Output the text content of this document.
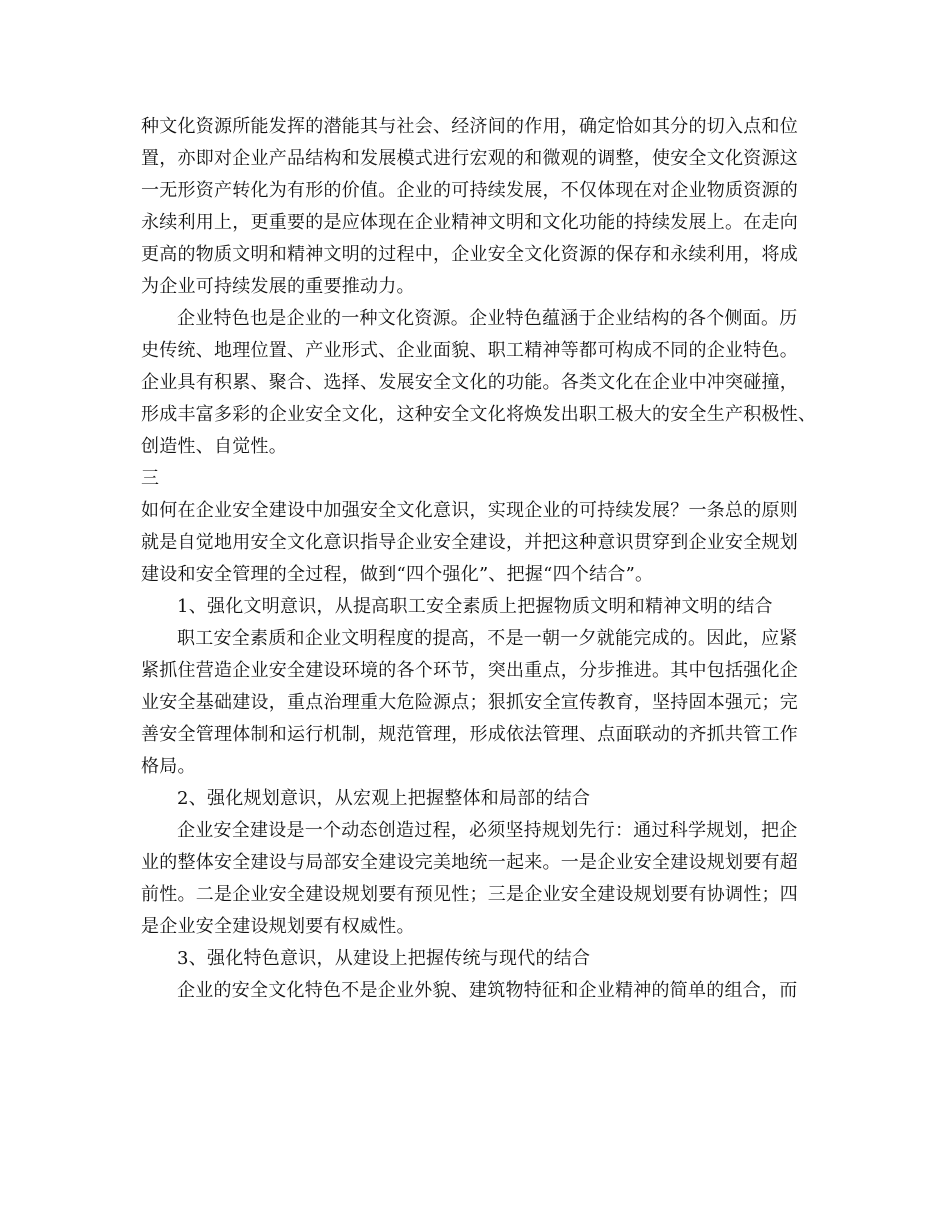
种文化资源所能发挥的潜能其与社会、经济间的作用，确定恰如其分的切入点和位
置，亦即对企业产品结构和发展模式进行宏观的和微观的调整，使安全文化资源这
一无形资产转化为有形的价值。企业的可持续发展，不仅体现在对企业物质资源的
永续利用上，更重要的是应体现在企业精神文明和文化功能的持续发展上。在走向
更高的物质文明和精神文明的过程中，企业安全文化资源的保存和永续利用，将成
为企业可持续发展的重要推动力。
企业特色也是企业的一种文化资源。企业特色蕴涵于企业结构的各个侧面。历
史传统、地理位置、产业形式、企业面貌、职工精神等都可构成不同的企业特色。
企业具有积累、聚合、选择、发展安全文化的功能。各类文化在企业中冲突碰撞，
形成丰富多彩的企业安全文化，这种安全文化将焕发出职工极大的安全生产积极性、
创造性、自觉性。
三
如何在企业安全建设中加强安全文化意识，实现企业的可持续发展？一条总的原则
就是自觉地用安全文化意识指导企业安全建设，并把这种意识贯穿到企业安全规划
建设和安全管理的全过程，做到“四个强化”、把握“四个结合”。
1、强化文明意识，从提高职工安全素质上把握物质文明和精神文明的结合
职工安全素质和企业文明程度的提高，不是一朝一夕就能完成的。因此，应紧
紧抓住营造企业安全建设环境的各个环节，突出重点，分步推进。其中包括强化企
业安全基础建设，重点治理重大危险源点；狠抓安全宣传教育，坚持固本强元；完
善安全管理体制和运行机制，规范管理，形成依法管理、点面联动的齐抓共管工作
格局。
2、强化规划意识，从宏观上把握整体和局部的结合
企业安全建设是一个动态创造过程，必须坚持规划先行：通过科学规划，把企
业的整体安全建设与局部安全建设完美地统一起来。一是企业安全建设规划要有超
前性。二是企业安全建设规划要有预见性；三是企业安全建设规划要有协调性；四
是企业安全建设规划要有权威性。
3、强化特色意识，从建设上把握传统与现代的结合
企业的安全文化特色不是企业外貌、建筑物特征和企业精神的简单的组合，而
